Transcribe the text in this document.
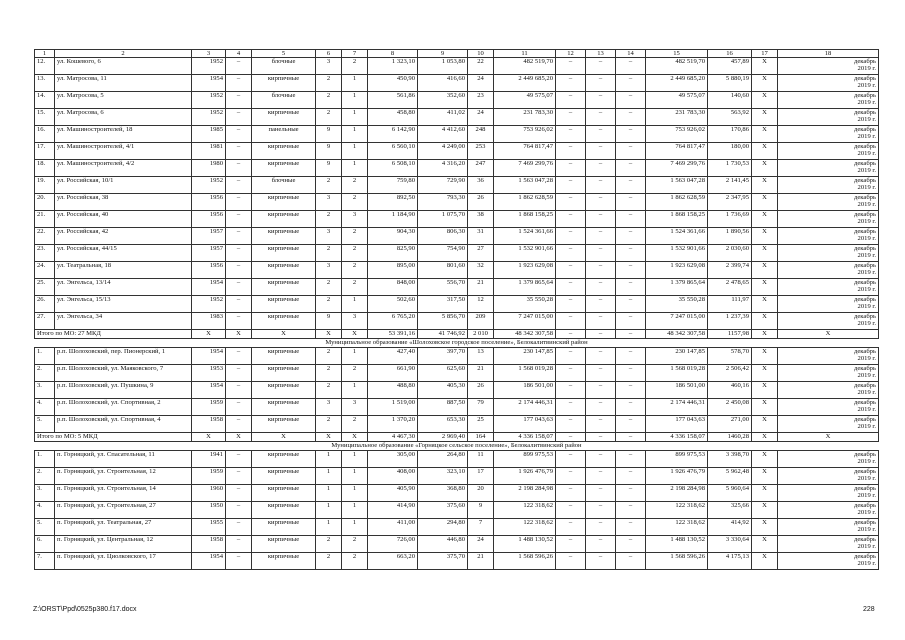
1	2	3	4	5	6	7	8	9	10	11	12	13	14	15	16	17	18
12.	ул. Кошевого, 6	1952	–	блочные	3	2	1 323,10	1 053,80	22	482 519,70	–	–	–	482 519,70	457,89	Х	декабрь
2019 г.

13.	ул. Матросова, 11	1954	–	кирпичные	2	1	450,90	416,60	24	2 449 685,20	–	–	–	2 449 685,20	5 880,19	Х	декабрь
2019 г.

14.	ул. Матросова, 5	1952	–	блочные	2	1	561,86	352,60	23	49 575,07	–	–	–	49 575,07	140,60	Х	декабрь
2019 г.

15.	ул. Матросова, 6	1952	–	кирпичные	2	1	458,80	411,02	24	231 783,30	–	–	–	231 783,30	563,92	Х	декабрь
2019 г.

16.	ул. Машиностроителей, 18	1985	–	панельные	9	1	6 142,90	4 412,60	248	753 926,02	–	–	–	753 926,02	170,86	Х	декабрь
2019 г.

17.	ул. Машиностроителей, 4/1	1981	–	кирпичные	9	1	6 560,10	4 249,00	253	764 817,47	–	–	–	764 817,47	180,00	Х	декабрь
2019 г.

18.	ул. Машиностроителей, 4/2	1980	–	кирпичные	9	1	6 508,10	4 316,20	247	7 469 299,76	–	–	–	7 469 299,76	1 730,53	Х	декабрь
2019 г.

19.	ул. Российская, 10/1	1952	–	блочные	2	2	759,80	729,90	36	1 563 047,28	–	–	–	1 563 047,28	2 141,45	Х	декабрь
2019 г.

20.	ул. Российская, 38	1956	–	кирпичные	3	2	892,50	793,30	26	1 862 628,59	–	–	–	1 862 628,59	2 347,95	Х	декабрь
2019 г.

21.	ул. Российская, 40	1956	–	кирпичные	2	3	1 184,90	1 075,70	38	1 868 158,25	–	–	–	1 868 158,25	1 736,69	Х	декабрь
2019 г.

22.	ул. Российская, 42	1957	–	кирпичные	3	2	904,30	806,30	31	1 524 361,66	–	–	–	1 524 361,66	1 890,56	Х	декабрь
2019 г.

23.	ул. Российская, 44/15	1957	–	кирпичные	2	2	825,90	754,90	27	1 532 901,66	–	–	–	1 532 901,66	2 030,60	Х	декабрь
2019 г.

24.	ул. Театральная, 18	1956	–	кирпичные	3	2	895,00	801,60	32	1 923 629,08	–	–	–	1 923 629,08	2 399,74	Х	декабрь
2019 г.

25.	ул. Энгельса, 13/14	1954	–	кирпичные	2	2	848,00	556,70	21	1 379 865,64	–	–	–	1 379 865,64	2 478,65	Х	декабрь
2019 г.

26.	ул. Энгельса, 15/13	1952	–	кирпичные	2	1	502,60	317,50	12	35 550,28	–	–	–	35 550,28	111,97	Х	декабрь
2019 г.

27.	ул. Энгельса, 34	1983	–	кирпичные	9	3	6 765,20	5 856,70	209	7 247 015,00	–	–	–	7 247 015,00	1 237,39	Х	декабрь
2019 г.

Итого по МО: 27 МКД		Х	Х	Х	Х	Х	53 391,16	41 746,92	2 010	48 342 307,58	–	–	–	48 342 307,58	1157,98	Х	Х
Муниципальное образование «Шолоховское городское поселение», Белокалитвинский район																	
1.	р.п. Шолоховский, пер. Пионерский, 1	1954	–	кирпичные	2	1	427,40	397,70	13	230 147,85	–	–	–	230 147,85	578,70	Х	декабрь
2019 г.

2.	р.п. Шолоховский, ул. Маяковского, 7	1953	–	кирпичные	2	2	661,90	625,60	21	1 568 019,28	–	–	–	1 568 019,28	2 506,42	Х	декабрь
2019 г.

3.	р.п. Шолоховский, ул. Пушкина, 9	1954	–	кирпичные	2	1	488,80	405,30	26	186 501,00	–	–	–	186 501,00	460,16	Х	декабрь
2019 г.

4.	р.п. Шолоховский, ул. Спортивная, 2	1959	–	кирпичные	3	3	1 519,00	887,50	79	2 174 446,31	–	–	–	2 174 446,31	2 450,08	Х	декабрь
2019 г.

5.	р.п. Шолоховский, ул. Спортивная, 4	1958	–	кирпичные	2	2	1 370,20	653,30	25	177 043,63	–	–	–	177 043,63	271,00	Х	декабрь
2019 г.

Итого по МО: 5 МКД		Х	Х	Х	Х	Х	4 467,30	2 969,40	164	4 336 158,07	–	–	–	4 336 158,07	1460,28	Х	Х
Муниципальное образование «Горняцкое сельское поселение», Белокалитвинский район																	
1.	п. Горняцкий, ул. Спасательная, 11	1941	–	кирпичные	1	1	305,00	264,80	11	899 975,53	–	–	–	899 975,53	3 398,70	Х	декабрь
2019 г.

2.	п. Горняцкий, ул. Строительная, 12	1959	–	кирпичные	1	1	408,00	323,10	17	1 926 476,79	–	–	–	1 926 476,79	5 962,48	Х	декабрь
2019 г.

3.	п. Горняцкий, ул. Строительная, 14	1960	–	кирпичные	1	1	405,90	368,80	20	2 198 284,98	–	–	–	2 198 284,98	5 960,64	Х	декабрь
2019 г.

4.	п. Горняцкий, ул. Строительная, 27	1950	–	кирпичные	1	1	414,90	375,60	9	122 318,62	–	–	–	122 318,62	325,66	Х	декабрь
2019 г.

5.	п. Горняцкий, ул. Театральная, 27	1955	–	кирпичные	1	1	411,00	294,80	7	122 318,62	–	–	–	122 318,62	414,92	Х	декабрь
2019 г.

6.	п. Горняцкий, ул. Центральная, 12	1958	–	кирпичные	2	2	726,00	446,80	24	1 488 130,52	–	–	–	1 488 130,52	3 330,64	Х	декабрь
2019 г.

7.	п. Горняцкий, ул. Циолковского, 17	1954	–	кирпичные	2	2	663,20	375,70	21	1 568 596,26	–	–	–	1 568 596,26	4 175,13	Х	декабрь
2019 г.
Z:\ORST\Ppd\0525p380.f17.docx	228
